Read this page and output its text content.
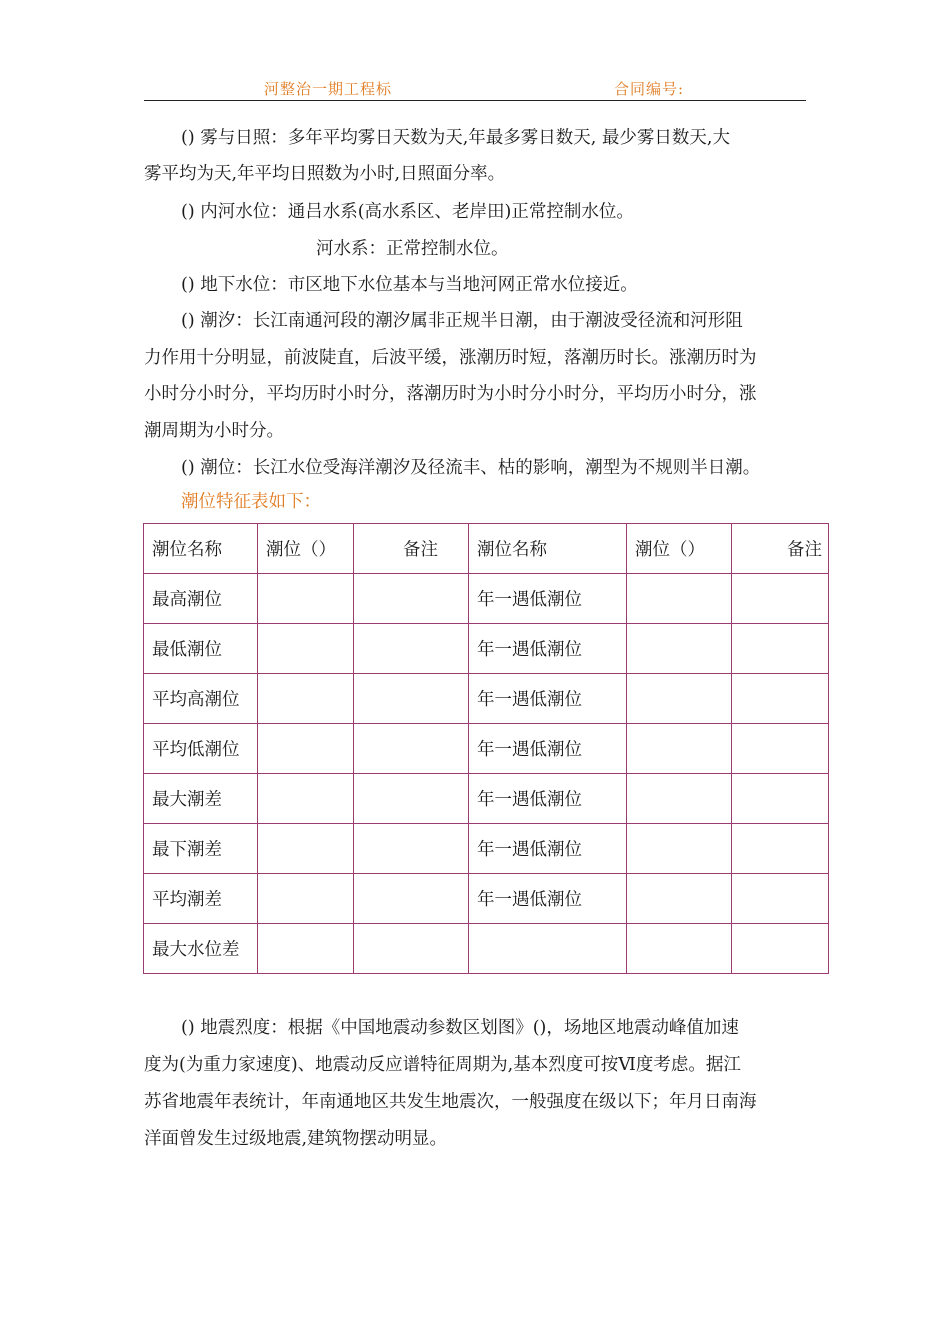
河整治一期工程标	合同编号:
() 雾与日照：多年平均雾日天数为天,年最多雾日数天, 最少雾日数天,大
雾平均为天,年平均日照数为小时,日照面分率。
() 内河水位：通吕水系(高水系区、老岸田)正常控制水位。
河水系：正常控制水位。
() 地下水位：市区地下水位基本与当地河网正常水位接近。
() 潮汐：长江南通河段的潮汐属非正规半日潮，由于潮波受径流和河形阻
力作用十分明显，前波陡直，后波平缓，涨潮历时短，落潮历时长。涨潮历时为
小时分小时分，平均历时小时分，落潮历时为小时分小时分，平均历小时分，涨
潮周期为小时分。
() 潮位：长江水位受海洋潮汐及径流丰、枯的影响，潮型为不规则半日潮。
潮位特征表如下：
潮位名称	潮位（）	备注	潮位名称	潮位（）	备注
最高潮位			年一遇低潮位		
最低潮位			年一遇低潮位		
平均高潮位			年一遇低潮位		
平均低潮位			年一遇低潮位		
最大潮差			年一遇低潮位		
最下潮差			年一遇低潮位		
平均潮差			年一遇低潮位		
最大水位差					
() 地震烈度：根据《中国地震动参数区划图》()，场地区地震动峰值加速
度为(为重力家速度)、地震动反应谱特征周期为,基本烈度可按Ⅵ度考虑。据江
苏省地震年表统计，年南通地区共发生地震次，一般强度在级以下；年月日南海
洋面曾发生过级地震,建筑物摆动明显。
